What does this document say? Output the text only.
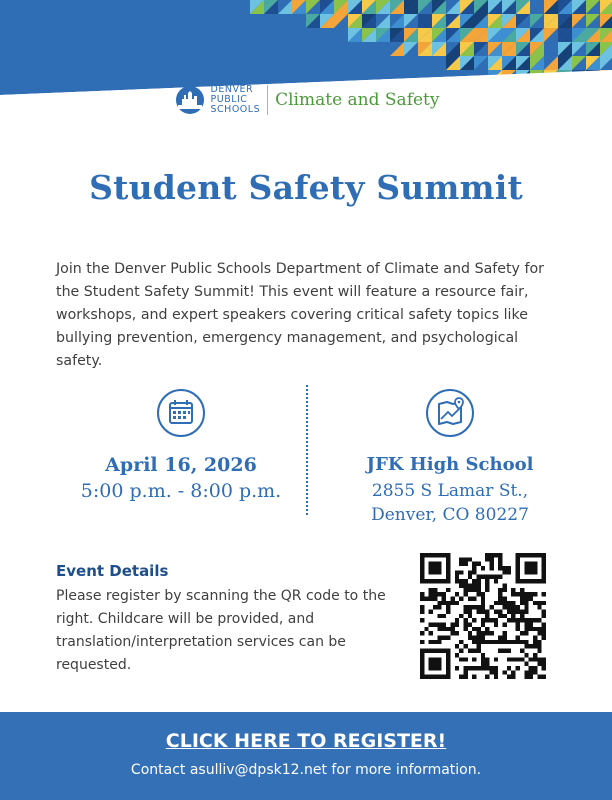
DENVER
PUBLIC
SCHOOLS Climate and Safety
Student Safety Summit
Join the Denver Public Schools Department of Climate and Safety for the Student Safety Summit! This event will feature a resource fair, workshops, and expert speakers covering critical safety topics like bullying prevention, emergency management, and psychological safety.
April 16, 2026
5:00 p.m. - 8:00 p.m.
JFK High School
2855 S Lamar St.,
Denver, CO 80227
Event Details
Please register by scanning the QR code to the right. Childcare will be provided, and translation/interpretation services can be requested.
CLICK HERE TO REGISTER!
Contact asulliv@dpsk12.net for more information.
